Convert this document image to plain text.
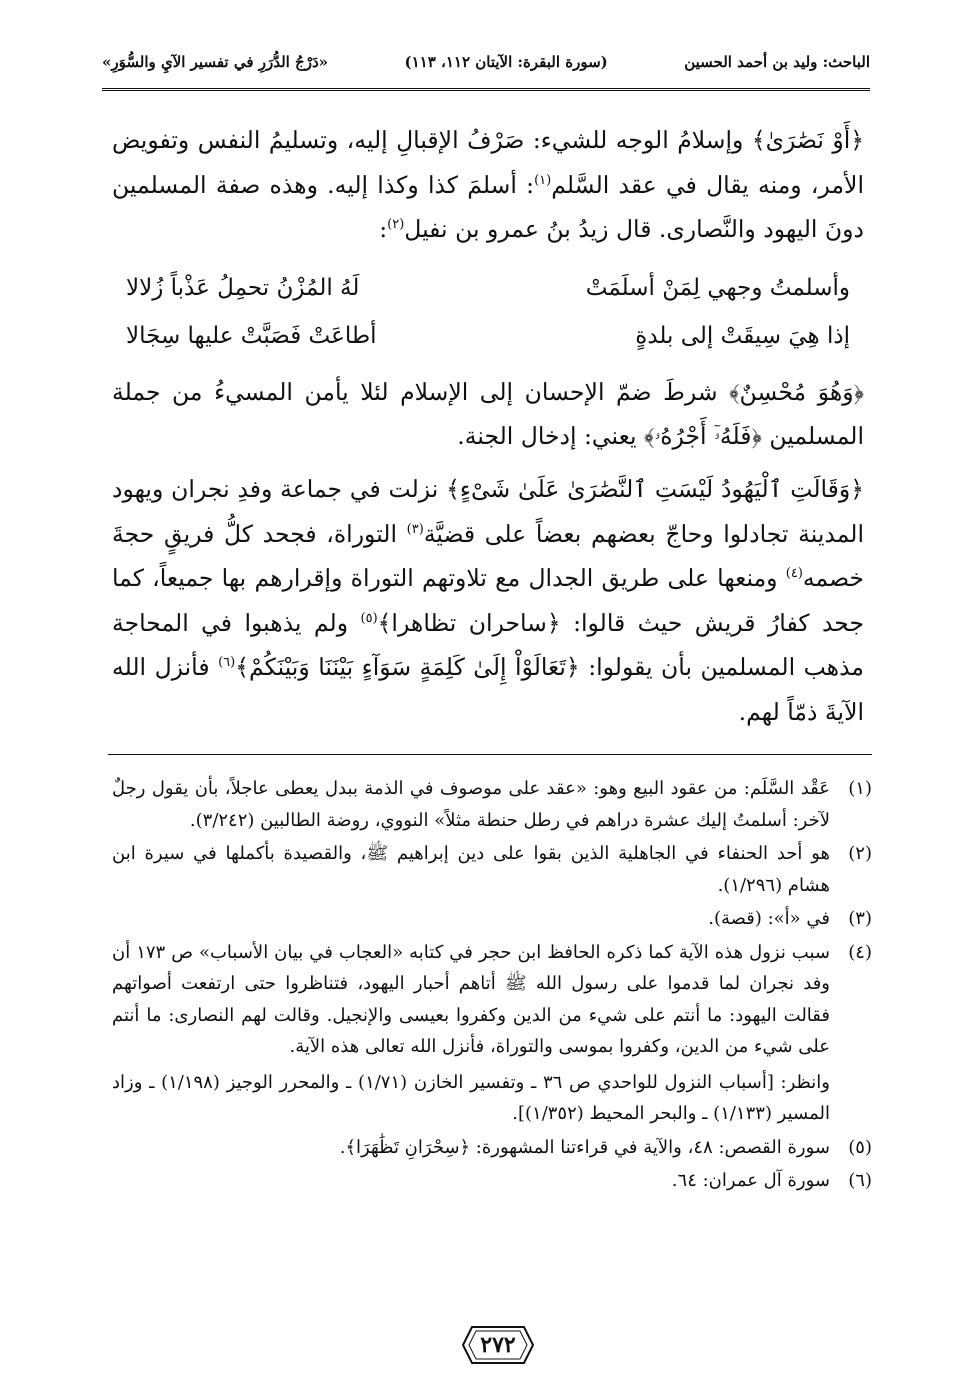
الباحث: وليد بن أحمد الحسين
(سورة البقرة: الآيتان ١١٢، ١١٣)
«دَرْجُ الدُّرَرِ في تفسير الآيِ والسُّوَرِ»

﴿أَوْ نَصَٰرَىٰ﴾ وإسلامُ الوجه للشيء: صَرْفُ الإقبالِ إليه، وتسليمُ النفس وتفويض الأمر، ومنه يقال في عقد السَّلم$^{(١)}$: أسلمَ كذا وكذا إليه. وهذه صفة المسلمين دونَ اليهود والنَّصارى. قال زيدُ بنُ عمرو بن نفيل$^{(٢)}$:

وأسلمتُ وجهي لِمَنْ أسلَمَتْ
لَهُ المُزْنُ تحمِلُ عَذْباً زُلالا
إذا هِيَ سِيقَتْ إلى بلدةٍ
أطاعَتْ فَصَبَّتْ عليها سِجَالا

﴿وَهُوَ مُحْسِنٌ﴾ شرطَ ضمّ الإحسان إلى الإسلام لئلا يأمن المسيءُ من جملة المسلمين ﴿فَلَهُۥٓ أَجْرُهُۥ﴾ يعني: إدخال الجنة.

﴿وَقَالَتِ ٱلْيَهُودُ لَيْسَتِ ٱلنَّصَٰرَىٰ عَلَىٰ شَىْءٍ﴾ نزلت في جماعة وفدِ نجران ويهود المدينة تجادلوا وحاجّ بعضهم بعضاً على قضيَّة$^{(٣)}$ التوراة، فجحد كلُّ فريقٍ حجةَ خصمه$^{(٤)}$ ومنعها على طريق الجدال مع تلاوتهم التوراة وإقرارهم بها جميعاً، كما جحد كفارُ قريش حيث قالوا: ﴿ساحران تظاهرا﴾$^{(٥)}$ ولم يذهبوا في المحاجة مذهب المسلمين بأن يقولوا: ﴿تَعَالَوْاْ إِلَىٰ كَلِمَةٍ سَوَآءٍ بَيْنَنَا وَبَيْنَكُمْ﴾$^{(٦)}$ فأنزل الله الآيةَ ذمّاً لهم.

(١)
عَقْد السَّلَم: من عقود البيع وهو: «عقد على موصوف في الذمة ببدل يعطى عاجلاً، بأن يقول رجلٌ لآخر: أسلمتُ إليك عشرة دراهم في رطل حنطة مثلاً» النووي، روضة الطالبين (٣/٢٤٢).
(٢)
هو أحد الحنفاء في الجاهلية الذين بقوا على دين إبراهيم ﷺ، والقصيدة بأكملها في سيرة ابن هشام (١/٢٩٦).
(٣)
في «أ»: (قصة).
(٤)
سبب نزول هذه الآية كما ذكره الحافظ ابن حجر في كتابه «العجاب في بيان الأسباب» ص ١٧٣ أن وفد نجران لما قدموا على رسول الله ﷺ أتاهم أحبار اليهود، فتناظروا حتى ارتفعت أصواتهم فقالت اليهود: ما أنتم على شيء من الدين وكفروا بعيسى والإنجيل. وقالت لهم النصارى: ما أنتم على شيء من الدين، وكفروا بموسى والتوراة، فأنزل الله تعالى هذه الآية.
وانظر: [أسباب النزول للواحدي ص ٣٦ ـ وتفسير الخازن (١/٧١) ـ والمحرر الوجيز (١/١٩٨) ـ وزاد المسير (١/١٣٣) ـ والبحر المحيط (١/٣٥٢)].
(٥)
سورة القصص: ٤٨، والآية في قراءتنا المشهورة: ﴿سِحْرَانِ تَظَٰهَرَا﴾.
(٦)
سورة آل عمران: ٦٤.
٢٧٢
